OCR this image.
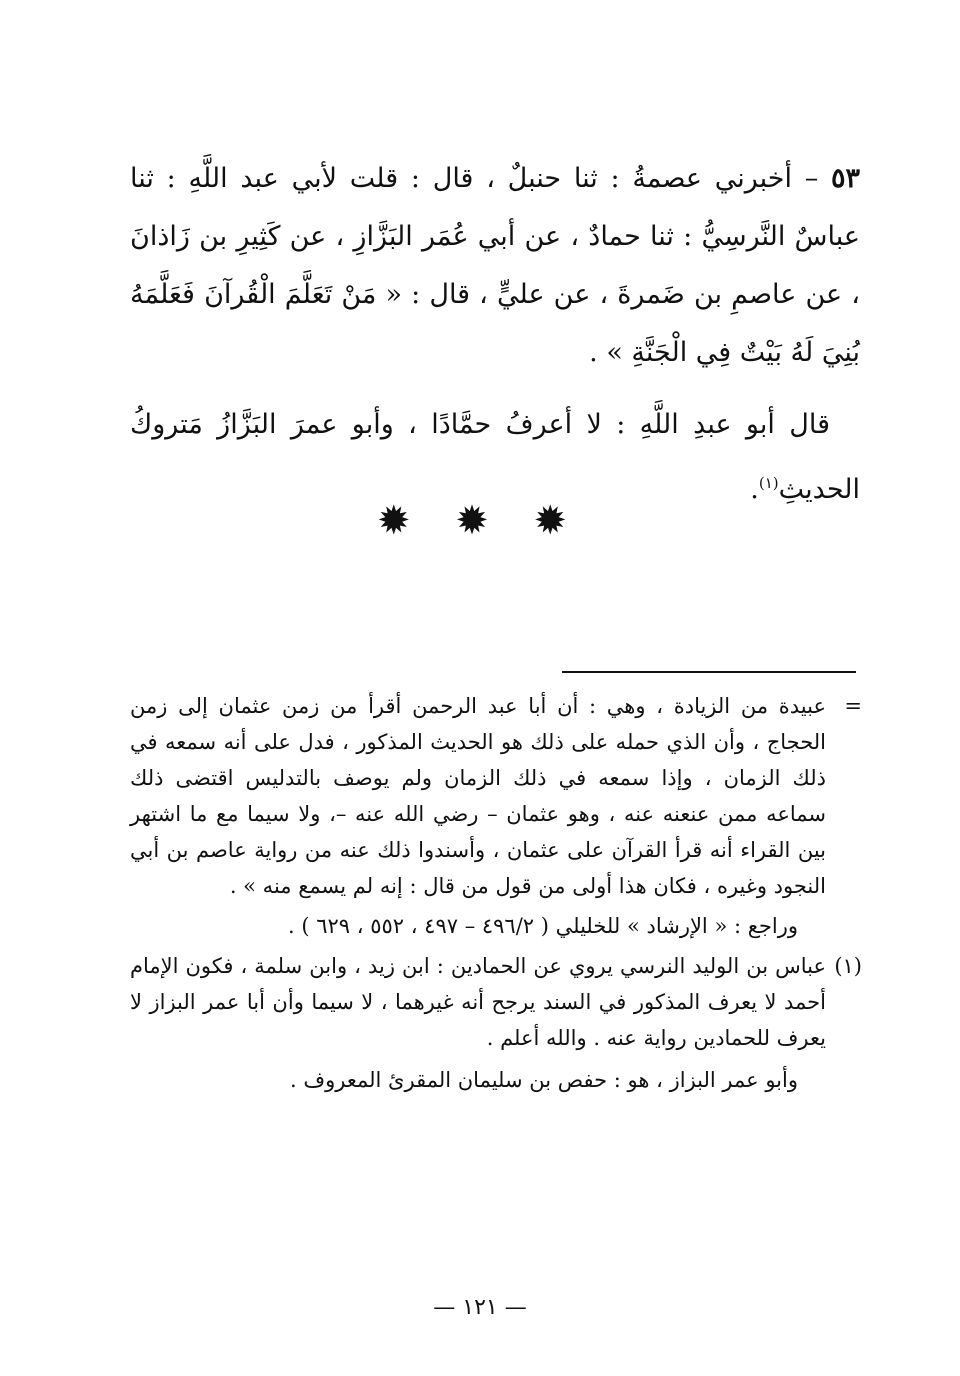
٥٣ – أخبرني عصمةُ : ثنا حنبلٌ ، قال : قلت لأبي عبد اللَّهِ : ثنا عباسٌ النَّرسِيُّ : ثنا حمادٌ ، عن أبي عُمَر البَزَّازِ ، عن كَثِيرِ بن زَاذانَ ، عن عاصمِ بن ضَمرةَ ، عن عليٍّ ، قال : « مَنْ تَعَلَّمَ الْقُرآنَ فَعَلَّمَهُ بُنِيَ لَهُ بَيْتٌ فِي الْجَنَّةِ » .

قال أبو عبدِ اللَّهِ : لا أعرفُ حمَّادًا ، وأبو عمرَ البَزَّازُ مَتروكُ الحديثِ$^{(١)}$.

✹ ✹ ✹
=

عبيدة من الزيادة ، وهي : أن أبا عبد الرحمن أقرأ من زمن عثمان إلى زمن الحجاج ، وأن الذي حمله على ذلك هو الحديث المذكور ، فدل على أنه سمعه في ذلك الزمان ، وإذا سمعه في ذلك الزمان ولم يوصف بالتدليس اقتضى ذلك سماعه ممن عنعنه عنه ، وهو عثمان – رضي الله عنه –، ولا سيما مع ما اشتهر بين القراء أنه قرأ القرآن على عثمان ، وأسندوا ذلك عنه من رواية عاصم بن أبي النجود وغيره ، فكان هذا أولى من قول من قال : إنه لم يسمع منه » .

وراجع : « الإرشاد » للخليلي ( ٤٩٦/٢ – ٤٩٧ ، ٥٥٢ ، ٦٢٩ ) .

(١)

عباس بن الوليد النرسي يروي عن الحمادين : ابن زيد ، وابن سلمة ، فكون الإمام أحمد لا يعرف المذكور في السند يرجح أنه غيرهما ، لا سيما وأن أبا عمر البزاز لا يعرف للحمادين رواية عنه . والله أعلم .

وأبو عمر البزاز ، هو : حفص بن سليمان المقرئ المعروف .

— ١٢١ —
